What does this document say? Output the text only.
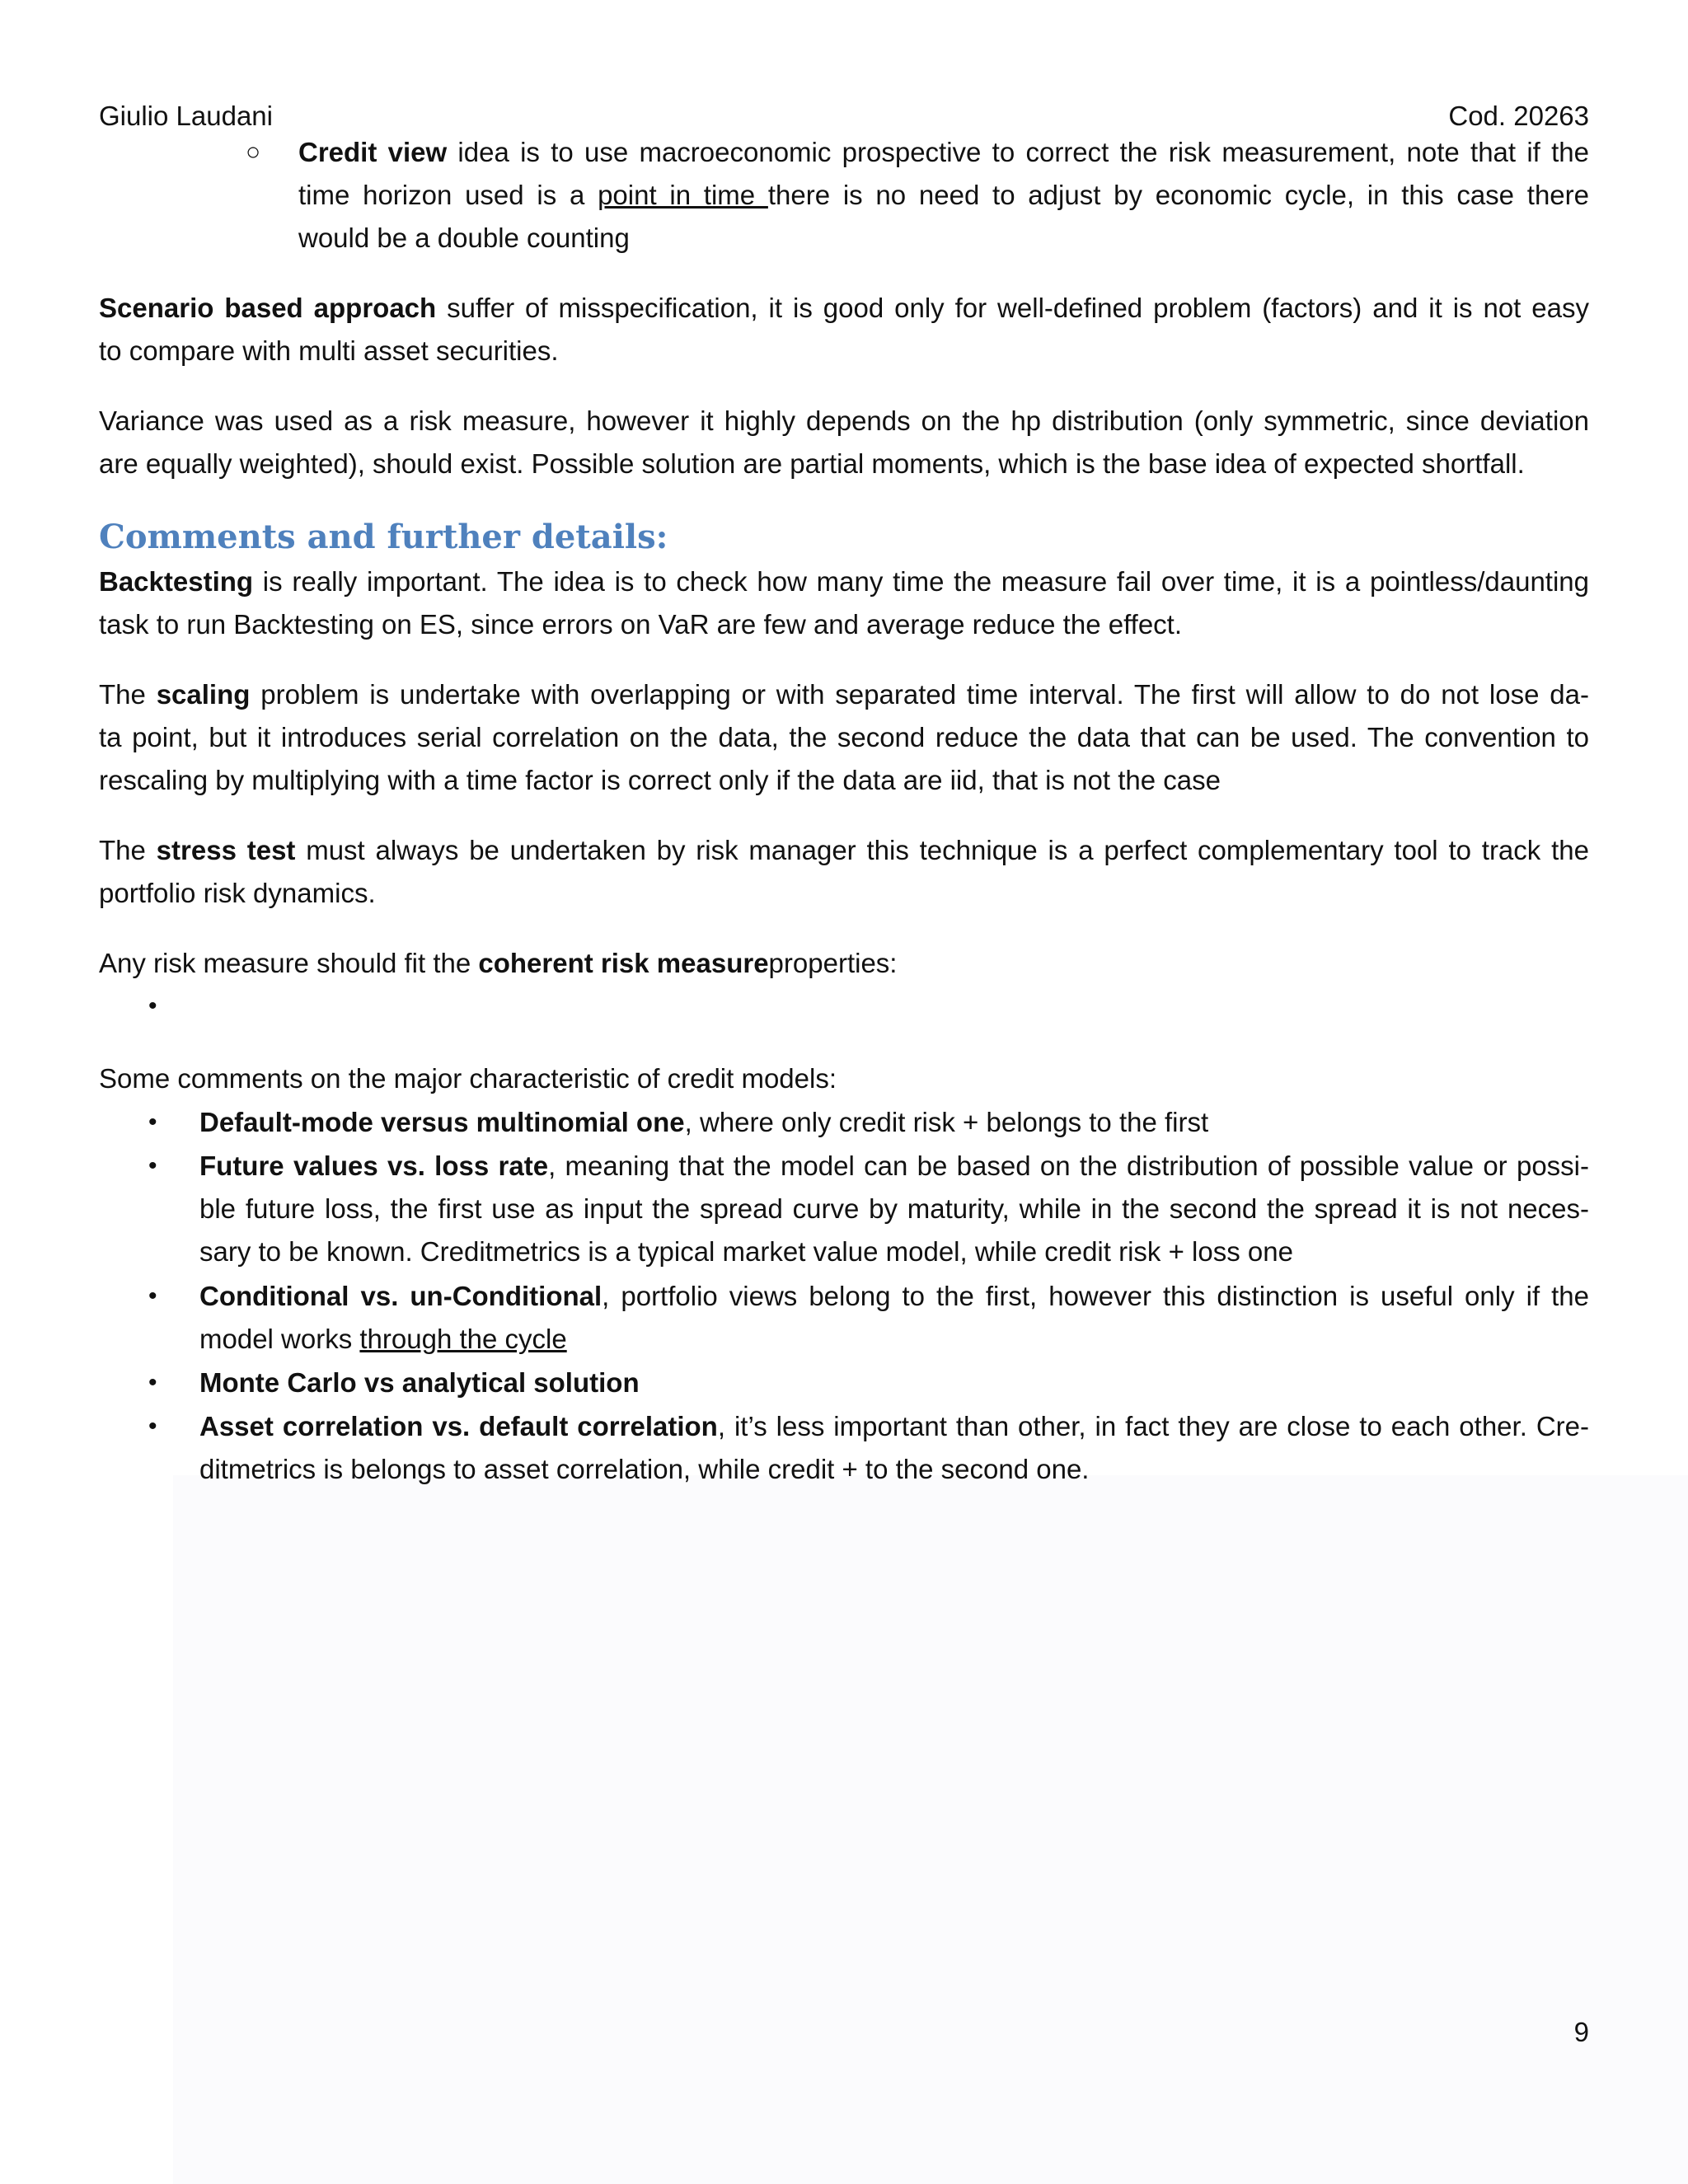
Giulio Laudani	Cod. 20263
○ Credit view idea is to use macroeconomic prospective to correct the risk measurement, note that if the

time horizon used is a point in time there is no need to adjust by economic cycle, in this case there

would be a double counting

Scenario based approach suffer of misspecification, it is good only for well-defined problem (factors) and it is not easy

to compare with multi asset securities.

Variance was used as a risk measure, however it highly depends on the hp distribution (only symmetric, since deviation

are equally weighted), should exist. Possible solution are partial moments, which is the base idea of expected shortfall.

Comments and further details:

Backtesting is really important. The idea is to check how many time the measure fail over time, it is a pointless/daunting

task to run Backtesting on ES, since errors on VaR are few and average reduce the effect.

The scaling problem is undertake with overlapping or with separated time interval. The first will allow to do not lose da-

ta point, but it introduces serial correlation on the data, the second reduce the data that can be used. The convention to

rescaling by multiplying with a time factor is correct only if the data are iid, that is not the case

The stress test must always be undertaken by risk manager this technique is a perfect complementary tool to track the

portfolio risk dynamics.

Any risk measure should fit the coherent risk measureproperties:

•

Some comments on the major characteristic of credit models:

• Default-mode versus multinomial one, where only credit risk + belongs to the first

• Future values vs. loss rate, meaning that the model can be based on the distribution of possible value or possi-

ble future loss, the first use as input the spread curve by maturity, while in the second the spread it is not neces-

sary to be known. Creditmetrics is a typical market value model, while credit risk + loss one

• Conditional vs. un-Conditional, portfolio views belong to the first, however this distinction is useful only if the

model works through the cycle

• Monte Carlo vs analytical solution

• Asset correlation vs. default correlation, it’s less important than other, in fact they are close to each other. Cre-

ditmetrics is belongs to asset correlation, while credit + to the second one.

9
